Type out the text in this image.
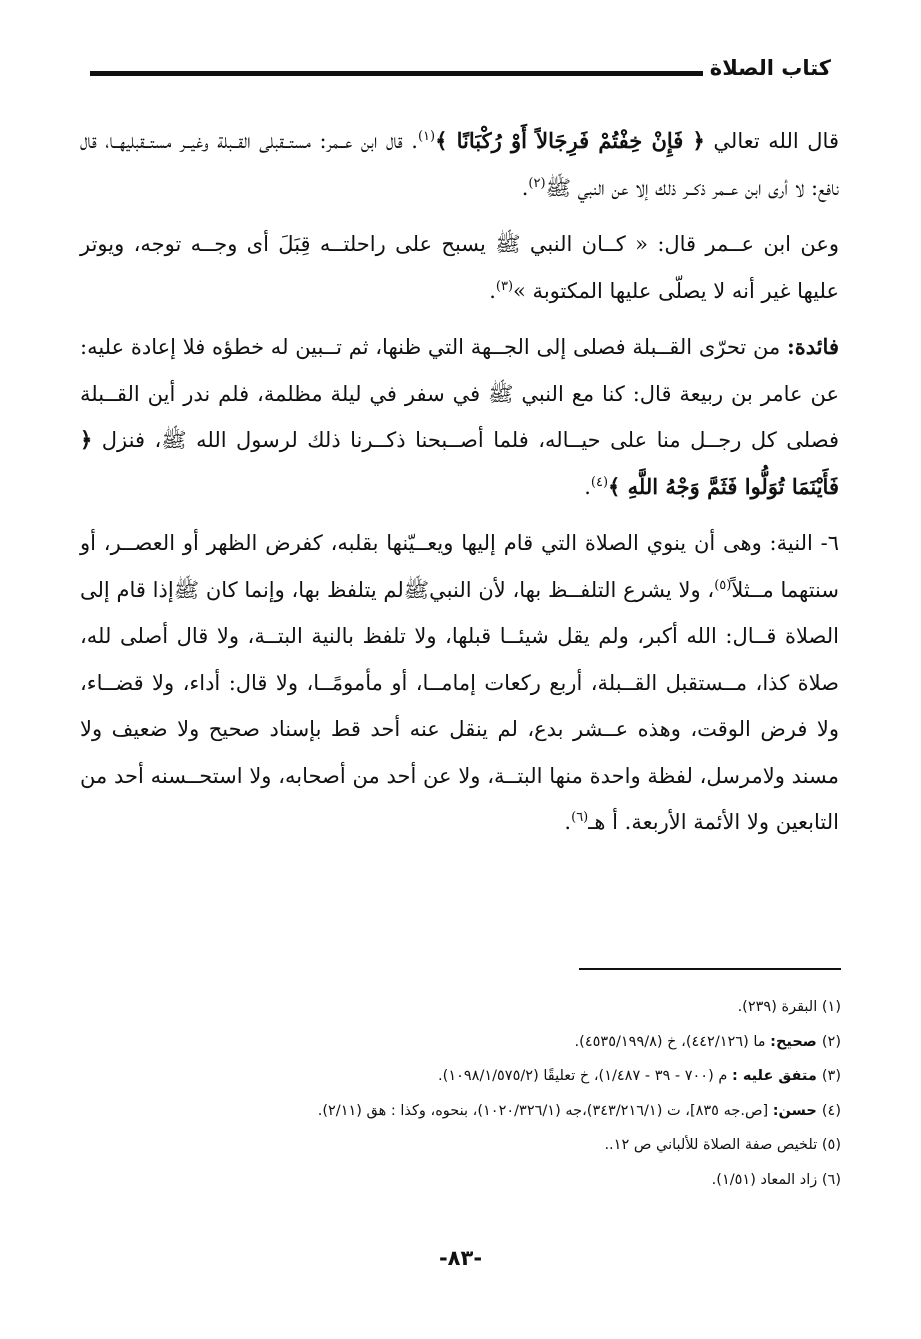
كتاب الصلاة

قال الله تعالي ﴿ فَإِنْ خِفْتُمْ فَرِجَالاً أَوْ رُكْبَانًا ﴾$^{(١)}$. قال ابن عــمر: مستــقبلى القــبلة وغيــر مستــقبليهــا، قال نافع: لا أرى ابن عــمر ذكــر ذلك إلا عن النبي ﷺ$^{(٢)}$.

وعن ابن عــمر قال: « كــان النبي ﷺ يسبح على راحلتــه قِبَلَ أى وجــه توجه، ويوتر عليها غير أنه لا يصلّى عليها المكتوبة »$^{(٣)}$.

فائدة: من تحرّى القــبلة فصلى إلى الجــهة التي ظنها، ثم تــبين له خطؤه فلا إعادة عليه: عن عامر بن ربيعة قال: كنا مع النبي ﷺ في سفر في ليلة مظلمة، فلم ندر أين القــبلة فصلى كل رجــل منا على حيــاله، فلما أصــبحنا ذكــرنا ذلك لرسول الله ﷺ، فنزل ﴿ فَأَيْنَمَا تُوَلُّوا فَثَمَّ وَجْهُ اللَّهِ ﴾$^{(٤)}$.

٦- النية: وهى أن ينوي الصلاة التي قام إليها ويعــيّنها بقلبه، كفرض الظهر أو العصــر، أو سنتهما مــثلاً$^{(٥)}$، ولا يشرع التلفــظ بها، لأن النبيﷺلم يتلفظ بها، وإنما كان ﷺإذا قام إلى الصلاة قــال: الله أكبر، ولم يقل شيئــا قبلها، ولا تلفظ بالنية البتــة، ولا قال أصلى لله، صلاة كذا، مــستقبل القــبلة، أربع ركعات إمامــا، أو مأمومًــا، ولا قال: أداء، ولا قضــاء، ولا فرض الوقت، وهذه عــشر بدع، لم ينقل عنه أحد قط بإسناد صحيح ولا ضعيف ولا مسند ولامرسل، لفظة واحدة منها البتــة، ولا عن أحد من أصحابه، ولا استحــسنه أحد من التابعين ولا الأئمة الأربعة. أ هـ$^{(٦)}$.

(١) البقرة (٢٣٩).
(٢) صحيح: ما (٤٤٢/١٢٦)، خ (٤٥٣٥/١٩٩/٨).
(٣) متفق عليه : م (٧٠٠ - ٣٩ - ١/٤٨٧)، خ تعليقًا (١٠٩٨/١/٥٧٥/٢).
(٤) حسن: [ص.جه ٨٣٥]، ت (٣٤٣/٢١٦/١)،جه (١٠٢٠/٣٢٦/١)، بنحوه، وكذا : هق (٢/١١).
(٥) تلخيص صفة الصلاة للألباني ص ١٢..
(٦) زاد المعاد (١/٥١).
-٨٣-
